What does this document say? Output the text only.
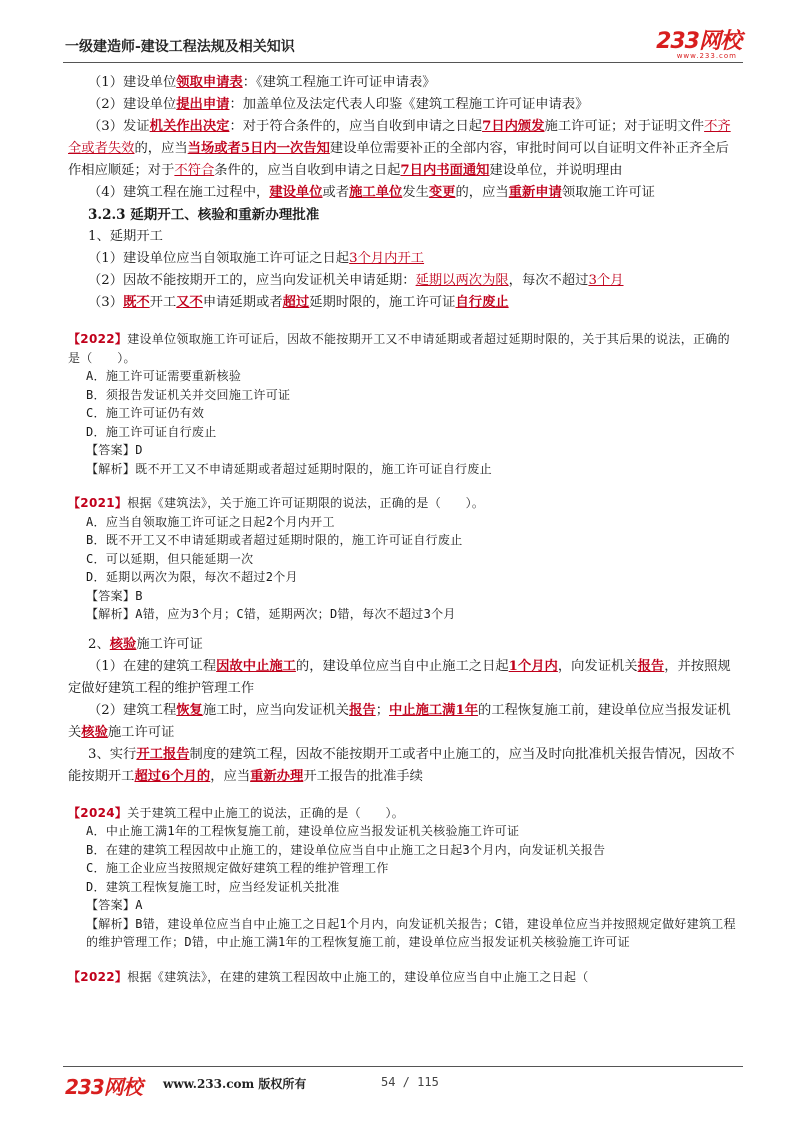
一级建造师-建设工程法规及相关知识	233网校
www.233.com

（1）建设单位领取申请表：《建筑工程施工许可证申请表》

（2）建设单位提出申请：加盖单位及法定代表人印鉴《建筑工程施工许可证申请表》

（3）发证机关作出决定：对于符合条件的，应当自收到申请之日起7日内颁发施工许可证；对于证明文件不齐全或者失效的，应当当场或者5日内一次告知建设单位需要补正的全部内容，审批时间可以自证明文件补正齐全后作相应顺延；对于不符合条件的，应当自收到申请之日起7日内书面通知建设单位，并说明理由

（4）建筑工程在施工过程中，建设单位或者施工单位发生变更的，应当重新申请领取施工许可证

3.2.3 延期开工、核验和重新办理批准

1、延期开工

（1）建设单位应当自领取施工许可证之日起3个月内开工

（2）因故不能按期开工的，应当向发证机关申请延期：延期以两次为限，每次不超过3个月

（3）既不开工又不申请延期或者超过延期时限的，施工许可证自行废止

【2022】建设单位领取施工许可证后，因故不能按期开工又不申请延期或者超过延期时限的，关于其后果的说法，正确的是（　　）。

A．施工许可证需要重新核验

B．须报告发证机关并交回施工许可证

C．施工许可证仍有效

D．施工许可证自行废止

【答案】D

【解析】既不开工又不申请延期或者超过延期时限的，施工许可证自行废止

【2021】根据《建筑法》，关于施工许可证期限的说法，正确的是（　　）。

A．应当自领取施工许可证之日起2个月内开工

B．既不开工又不申请延期或者超过延期时限的，施工许可证自行废止

C．可以延期，但只能延期一次

D．延期以两次为限，每次不超过2个月

【答案】B

【解析】A错，应为3个月；C错，延期两次；D错，每次不超过3个月

2、核验施工许可证

（1）在建的建筑工程因故中止施工的，建设单位应当自中止施工之日起1个月内，向发证机关报告，并按照规定做好建筑工程的维护管理工作

（2）建筑工程恢复施工时，应当向发证机关报告；中止施工满1年的工程恢复施工前，建设单位应当报发证机关核验施工许可证

3、实行开工报告制度的建筑工程，因故不能按期开工或者中止施工的，应当及时向批准机关报告情况，因故不能按期开工超过6个月的，应当重新办理开工报告的批准手续

【2024】关于建筑工程中止施工的说法，正确的是（　　）。

A．中止施工满1年的工程恢复施工前，建设单位应当报发证机关核验施工许可证

B．在建的建筑工程因故中止施工的，建设单位应当自中止施工之日起3个月内，向发证机关报告

C．施工企业应当按照规定做好建筑工程的维护管理工作

D．建筑工程恢复施工时，应当经发证机关批准

【答案】A

【解析】B错，建设单位应当自中止施工之日起1个月内，向发证机关报告；C错，建设单位应当并按照规定做好建筑工程的维护管理工作；D错，中止施工满1年的工程恢复施工前，建设单位应当报发证机关核验施工许可证

【2022】根据《建筑法》，在建的建筑工程因故中止施工的，建设单位应当自中止施工之日起（

233网校 www.233.com 版权所有	54 / 115
